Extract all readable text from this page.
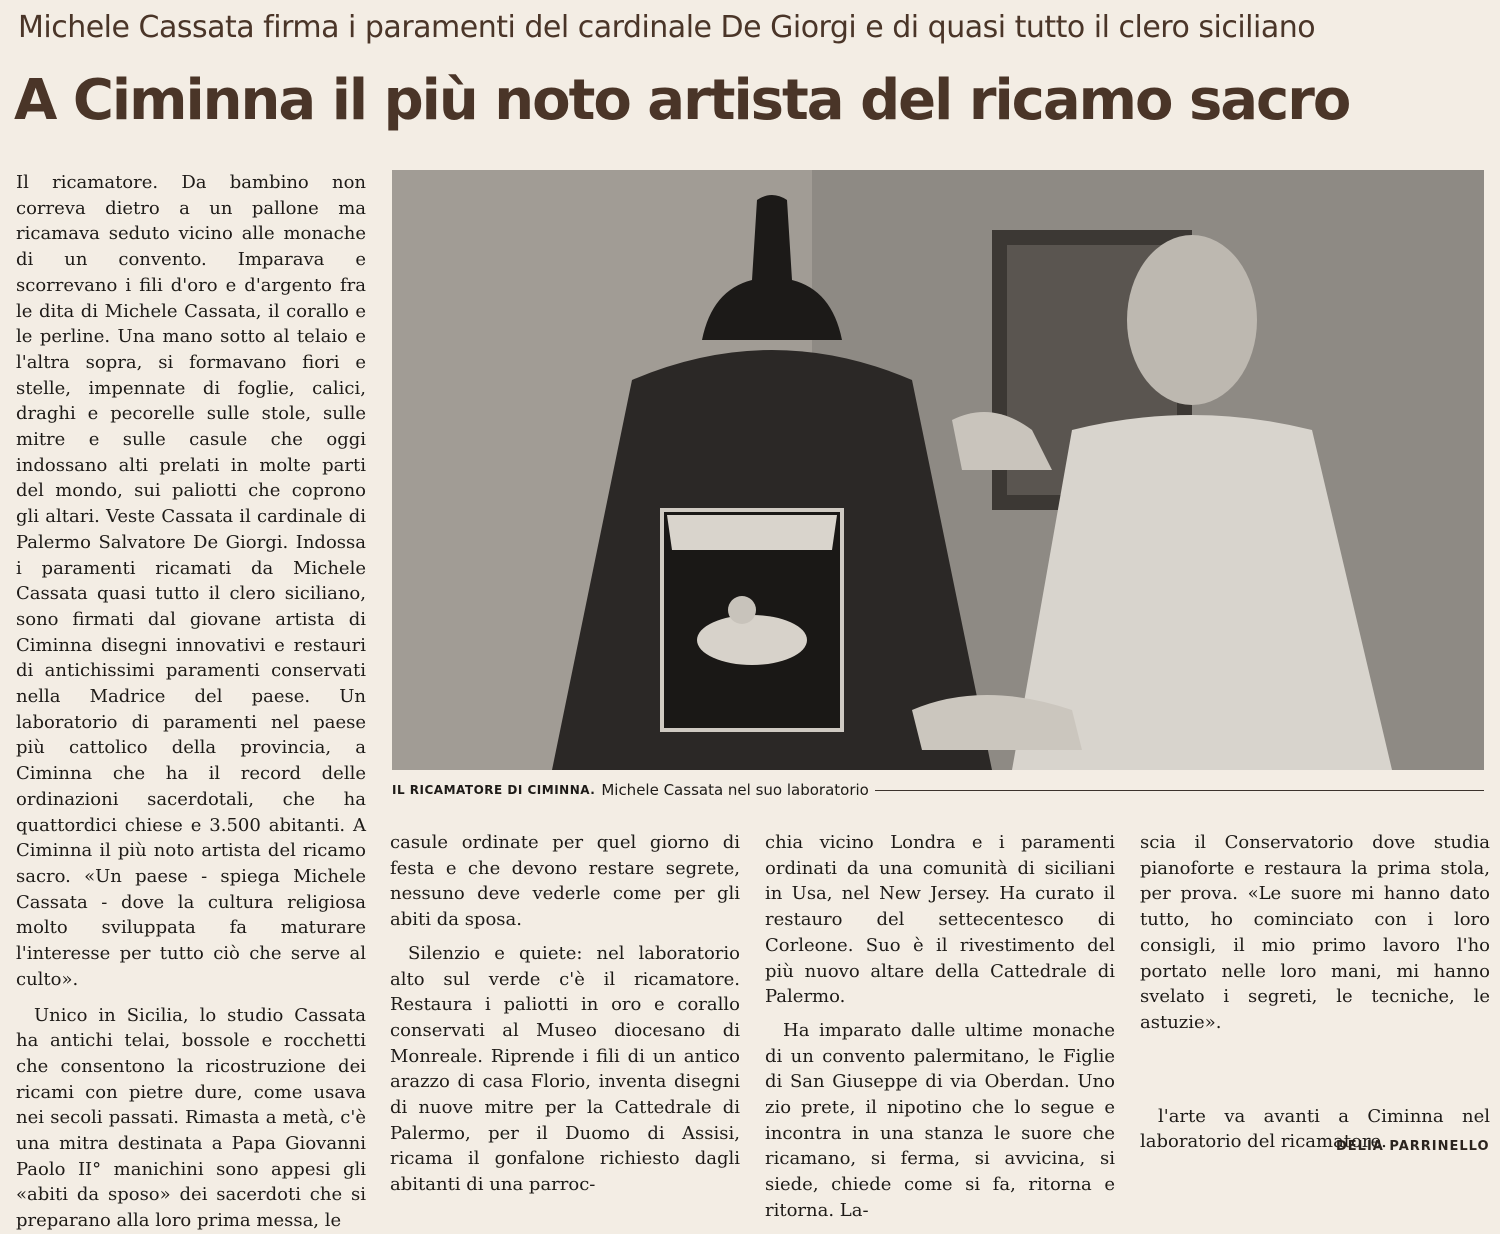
Michele Cassata firma i paramenti del cardinale De Giorgi e di quasi tutto il clero siciliano
A Ciminna il più noto artista del ricamo sacro

Il ricamatore. Da bambino non correva dietro a un pallone ma ricamava seduto vicino alle monache di un convento. Imparava e scorrevano i fili d'oro e d'argento fra le dita di Michele Cassata, il corallo e le perline. Una mano sotto al telaio e l'altra sopra, si formavano fiori e stelle, impennate di foglie, calici, draghi e pecorelle sulle stole, sulle mitre e sulle casule che oggi indossano alti prelati in molte parti del mondo, sui paliotti che coprono gli altari. Veste Cassata il cardinale di Palermo Salvatore De Giorgi. Indossa i paramenti ricamati da Michele Cassata quasi tutto il clero siciliano, sono firmati dal giovane artista di Ciminna disegni innovativi e restauri di antichissimi paramenti conservati nella Madrice del paese. Un laboratorio di paramenti nel paese più cattolico della provincia, a Ciminna che ha il record delle ordinazioni sacerdotali, che ha quattordici chiese e 3.500 abitanti. A Ciminna il più noto artista del ricamo sacro. «Un paese - spiega Michele Cassata - dove la cultura religiosa molto sviluppata fa maturare l'interesse per tutto ciò che serve al culto».

Unico in Sicilia, lo studio Cassata ha antichi telai, bossole e rocchetti che consentono la ricostruzione dei ricami con pietre dure, come usava nei secoli passati. Rimasta a metà, c'è una mitra destinata a Papa Giovanni Paolo II° manichini sono appesi gli «abiti da sposo» dei sacerdoti che si preparano alla loro prima messa, le

IL RICAMATORE DI CIMINNA. Michele Cassata nel suo laboratorio

casule ordinate per quel giorno di festa e che devono restare segrete, nessuno deve vederle come per gli abiti da sposa.

Silenzio e quiete: nel laboratorio alto sul verde c'è il ricamatore. Restaura i paliotti in oro e corallo conservati al Museo diocesano di Monreale. Riprende i fili di un antico arazzo di casa Florio, inventa disegni di nuove mitre per la Cattedrale di Palermo, per il Duomo di Assisi, ricama il gonfalone richiesto dagli abitanti di una parroc-

chia vicino Londra e i paramenti ordinati da una comunità di siciliani in Usa, nel New Jersey. Ha curato il restauro del settecentesco di Corleone. Suo è il rivestimento del più nuovo altare della Cattedrale di Palermo.

Ha imparato dalle ultime monache di un convento palermitano, le Figlie di San Giuseppe di via Oberdan. Uno zio prete, il nipotino che lo segue e incontra in una stanza le suore che ricamano, si ferma, si avvicina, si siede, chiede come si fa, ritorna e ritorna. La-

scia il Conservatorio dove studia pianoforte e restaura la prima stola, per prova. «Le suore mi hanno dato tutto, ho cominciato con i loro consigli, il mio primo lavoro l'ho portato nelle loro mani, mi hanno svelato i segreti, le tecniche, le astuzie».

l'arte va avanti a Ciminna nel laboratorio del ricamatore.

DELIA PARRINELLO
